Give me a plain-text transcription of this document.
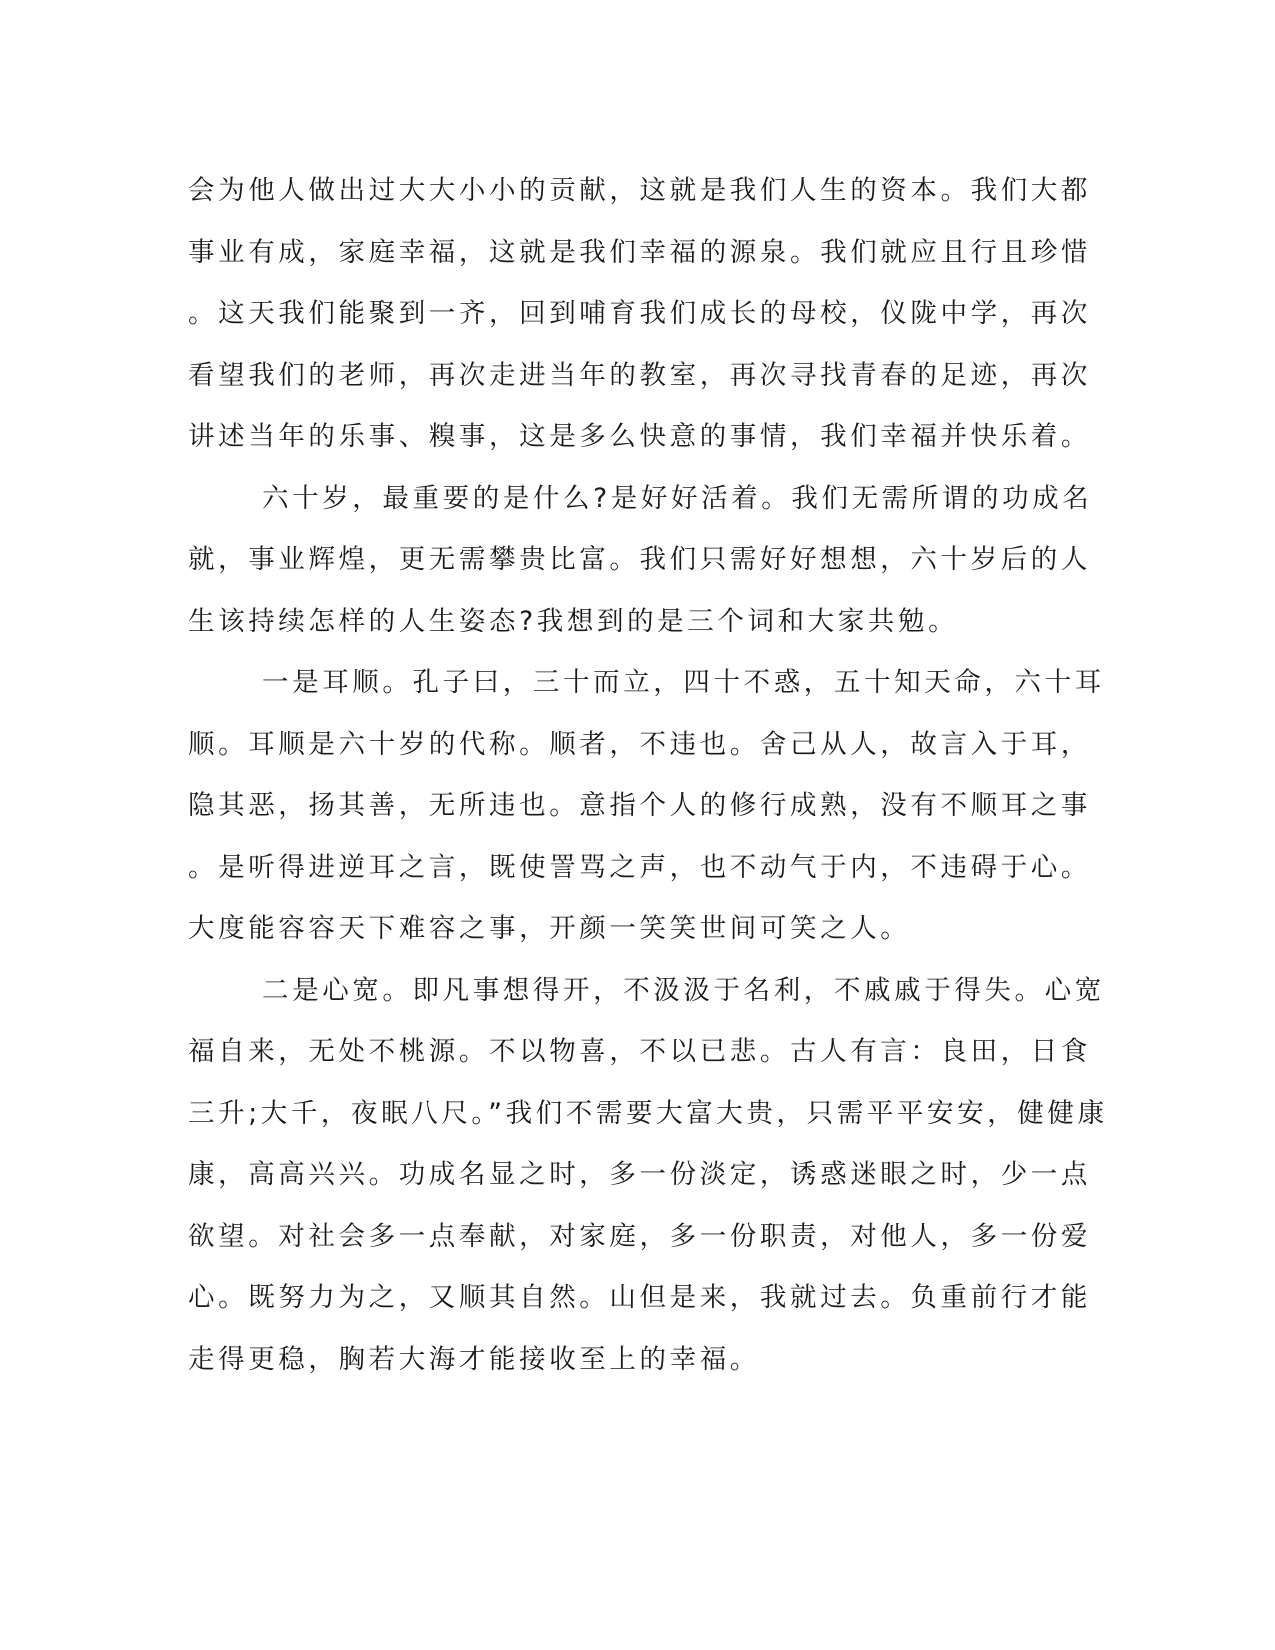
会为他人做出过大大小小的贡献，这就是我们人生的资本。我们大都
事业有成，家庭幸福，这就是我们幸福的源泉。我们就应且行且珍惜
。这天我们能聚到一齐，回到哺育我们成长的母校，仪陇中学，再次
看望我们的老师，再次走进当年的教室，再次寻找青春的足迹，再次
讲述当年的乐事、糗事，这是多么快意的事情，我们幸福并快乐着。
六十岁，最重要的是什么?是好好活着。我们无需所谓的功成名
就，事业辉煌，更无需攀贵比富。我们只需好好想想，六十岁后的人
生该持续怎样的人生姿态?我想到的是三个词和大家共勉。
一是耳顺。孔子曰，三十而立，四十不惑，五十知天命，六十耳
顺。耳顺是六十岁的代称。顺者，不违也。舍己从人，故言入于耳，
隐其恶，扬其善，无所违也。意指个人的修行成熟，没有不顺耳之事
。是听得进逆耳之言，既使詈骂之声，也不动气于内，不违碍于心。
大度能容容天下难容之事，开颜一笑笑世间可笑之人。
二是心宽。即凡事想得开，不汲汲于名利，不戚戚于得失。心宽
福自来，无处不桃源。不以物喜，不以已悲。古人有言：良田，日食
三升;大千，夜眠八尺。”我们不需要大富大贵，只需平平安安，健健康
康，高高兴兴。功成名显之时，多一份淡定，诱惑迷眼之时，少一点
欲望。对社会多一点奉献，对家庭，多一份职责，对他人，多一份爱
心。既努力为之，又顺其自然。山但是来，我就过去。负重前行才能
走得更稳，胸若大海才能接收至上的幸福。
